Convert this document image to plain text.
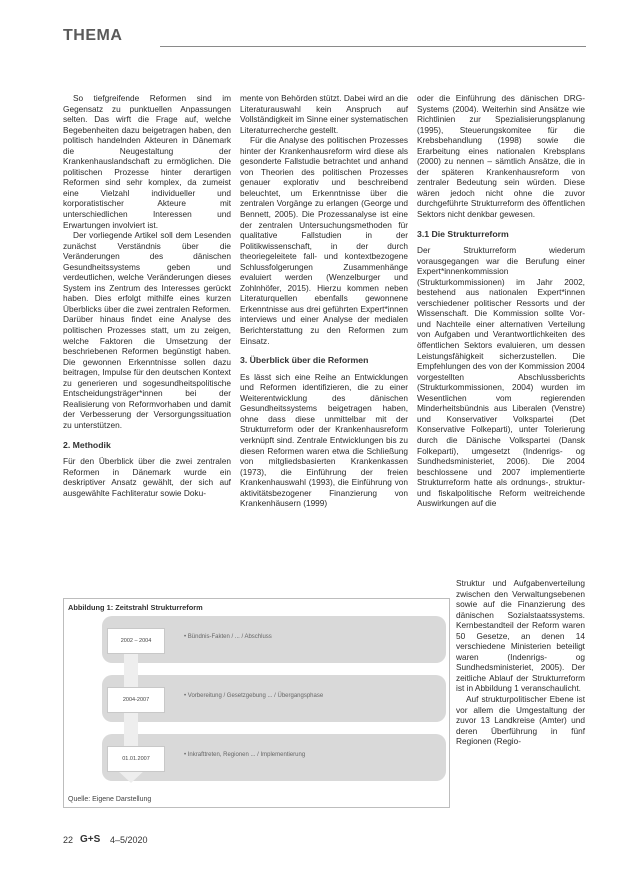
THEMA

So tiefgreifende Reformen sind im Gegensatz zu punktuellen Anpassungen selten. Das wirft die Frage auf, welche Begebenheiten dazu beigetragen haben, den politisch handelnden Akteuren in Dänemark die Neugestaltung der Krankenhauslandschaft zu ermöglichen. Die politischen Prozesse hinter derartigen Reformen sind sehr komplex, da zumeist eine Vielzahl individueller und korporatistischer Akteure mit unterschiedlichen Interessen und Erwartungen involviert ist.

Der vorliegende Artikel soll dem Lesenden zunächst Verständnis über die Veränderungen des dänischen Gesundheitssystems geben und verdeutlichen, welche Veränderungen dieses System ins Zentrum des Interesses gerückt haben. Dies erfolgt mithilfe eines kurzen Überblicks über die zwei zentralen Reformen. Darüber hinaus findet eine Analyse des politischen Prozesses statt, um zu zeigen, welche Faktoren die Umsetzung der beschriebenen Reformen begünstigt haben. Die gewonnen Erkenntnisse sollen dazu beitragen, Impulse für den deutschen Kontext zu generieren und sogesundheitspolitische Entscheidungsträger*innen bei der Realisierung von Reformvorhaben und damit der Verbesserung der Versorgungssituation zu unterstützen.

2. Methodik

Für den Überblick über die zwei zentralen Reformen in Dänemark wurde ein deskriptiver Ansatz gewählt, der sich auf ausgewählte Fachliteratur sowie Doku-

mente von Behörden stützt. Dabei wird an die Literaturauswahl kein Anspruch auf Vollständigkeit im Sinne einer systematischen Literaturrecherche gestellt.

Für die Analyse des politischen Prozesses hinter der Krankenhausreform wird diese als gesonderte Fallstudie betrachtet und anhand von Theorien des politischen Prozesses genauer explorativ und beschreibend beleuchtet, um Erkenntnisse über die zentralen Vorgänge zu erlangen (George und Bennett, 2005). Die Prozessanalyse ist eine der zentralen Untersuchungsmethoden für qualitative Fallstudien in der Politikwissenschaft, in der durch theoriegeleitete fall- und kontextbezogene Schlussfolgerungen Zusammenhänge evaluiert werden (Wenzelburger und Zohlnhöfer, 2015). Hierzu kommen neben Literaturquellen ebenfalls gewonnene Erkenntnisse aus drei geführten Expert*innen interviews und einer Analyse der medialen Berichterstattung zu den Reformen zum Einsatz.

3. Überblick über die Reformen

Es lässt sich eine Reihe an Entwicklungen und Reformen identifizieren, die zu einer Weiterentwicklung des dänischen Gesundheitssystems beigetragen haben, ohne dass diese unmittelbar mit der Strukturreform oder der Krankenhausreform verknüpft sind. Zentrale Entwicklungen bis zu diesen Reformen waren etwa die Schließung von mitgliedsbasierten Krankenkassen (1973), die Einführung der freien Krankenhauswahl (1993), die Einführung von aktivitätsbezogener Finanzierung von Krankenhäusern (1999)

oder die Einführung des dänischen DRG-Systems (2004). Weiterhin sind Ansätze wie Richtlinien zur Spezialisierungsplanung (1995), Steuerungskomitee für die Krebsbehandlung (1998) sowie die Erarbeitung eines nationalen Krebsplans (2000) zu nennen – sämtlich Ansätze, die in der späteren Krankenhausreform von zentraler Bedeutung sein würden. Diese wären jedoch nicht ohne die zuvor durchgeführte Strukturreform des öffentlichen Sektors nicht denkbar gewesen.

3.1 Die Strukturreform

Der Strukturreform wiederum vorausgegangen war die Berufung einer Expert*innenkommission (Strukturkommissionen) im Jahr 2002, bestehend aus nationalen Expert*innen verschiedener politischer Ressorts und der Wissenschaft. Die Kommission sollte Vor- und Nachteile einer alternativen Verteilung von Aufgaben und Verantwortlichkeiten des öffentlichen Sektors evaluieren, um dessen Leistungsfähigkeit sicherzustellen. Die Empfehlungen des von der Kommission 2004 vorgestellten Abschlussberichts (Strukturkommissionen, 2004) wurden im Wesentlichen vom regierenden Minderheitsbündnis aus Liberalen (Venstre) und Konservativer Volkspartei (Det Konservative Folkeparti), unter Tolerierung durch die Dänische Volkspartei (Dansk Folkeparti), umgesetzt (Indenrigs- og Sundhedsministeriet, 2006). Die 2004 beschlossene und 2007 implementierte Strukturreform hatte als ordnungs-, struktur- und fiskalpolitische Reform weitreichende Auswirkungen auf die

Struktur und Aufgabenverteilung zwischen den Verwaltungsebenen sowie auf die Finanzierung des dänischen Sozialstaatssystems. Kernbestandteil der Reform waren 50 Gesetze, an denen 14 verschiedene Ministerien beteiligt waren (Indenrigs- og Sundhedsministeriet, 2005). Der zeitliche Ablauf der Strukturreform ist in Abbildung 1 veranschaulicht.

Auf strukturpolitischer Ebene ist vor allem die Umgestaltung der zuvor 13 Landkreise (Amter) und deren Überführung in fünf Regionen (Regio-

Abbildung 1: Zeitstrahl Strukturreform
• Bündnis-Fakten / ... / Abschluss
• Vorbereitung / Gesetzgebung ... / Übergangsphase
• Inkrafttreten, Regionen ... / Implementierung
2002 – 2004
2004-2007
01.01.2007
Quelle: Eigene Darstellung
22 G+S 4–5/2020
